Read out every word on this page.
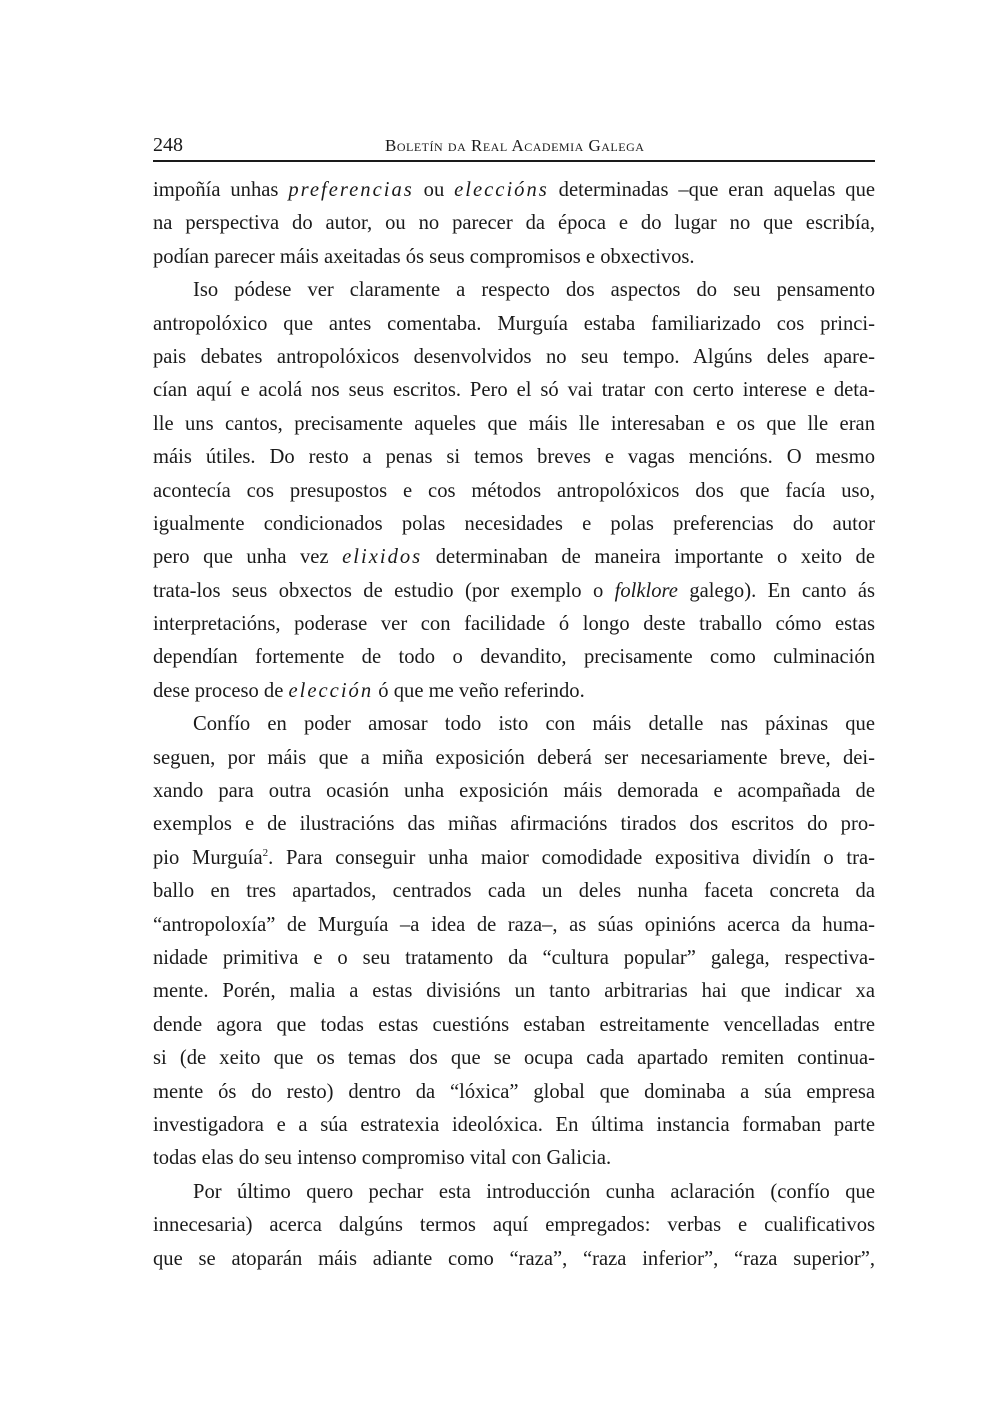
248	Boletín da Real Academia Galega
impoñía unhas preferencias ou eleccións determinadas –que eran aquelas que
na perspectiva do autor, ou no parecer da época e do lugar no que escribía,
podían parecer máis axeitadas ós seus compromisos e obxectivos.
Iso pódese ver claramente a respecto dos aspectos do seu pensamento
antropolóxico que antes comentaba. Murguía estaba familiarizado cos princi-
pais debates antropolóxicos desenvolvidos no seu tempo. Algúns deles apare-
cían aquí e acolá nos seus escritos. Pero el só vai tratar con certo interese e deta-
lle uns cantos, precisamente aqueles que máis lle interesaban e os que lle eran
máis útiles. Do resto a penas si temos breves e vagas mencións. O mesmo
acontecía cos presupostos e cos métodos antropolóxicos dos que facía uso,
igualmente condicionados polas necesidades e polas preferencias do autor
pero que unha vez elixidos determinaban de maneira importante o xeito de
trata-los seus obxectos de estudio (por exemplo o folklore galego). En canto ás
interpretacións, poderase ver con facilidade ó longo deste traballo cómo estas
dependían fortemente de todo o devandito, precisamente como culminación
dese proceso de elección ó que me veño referindo.
Confío en poder amosar todo isto con máis detalle nas páxinas que
seguen, por máis que a miña exposición deberá ser necesariamente breve, dei-
xando para outra ocasión unha exposición máis demorada e acompañada de
exemplos e de ilustracións das miñas afirmacións tirados dos escritos do pro-
pio Murguía$^2$. Para conseguir unha maior comodidade expositiva dividín o tra-
ballo en tres apartados, centrados cada un deles nunha faceta concreta da
“antropoloxía” de Murguía –a idea de raza–, as súas opinións acerca da huma-
nidade primitiva e o seu tratamento da “cultura popular” galega, respectiva-
mente. Porén, malia a estas divisións un tanto arbitrarias hai que indicar xa
dende agora que todas estas cuestións estaban estreitamente vencelladas entre
si (de xeito que os temas dos que se ocupa cada apartado remiten continua-
mente ós do resto) dentro da “lóxica” global que dominaba a súa empresa
investigadora e a súa estratexia ideolóxica. En última instancia formaban parte
todas elas do seu intenso compromiso vital con Galicia.
Por último quero pechar esta introducción cunha aclaración (confío que
innecesaria) acerca dalgúns termos aquí empregados: verbas e cualificativos
que se atoparán máis adiante como “raza”, “raza inferior”, “raza superior”,
